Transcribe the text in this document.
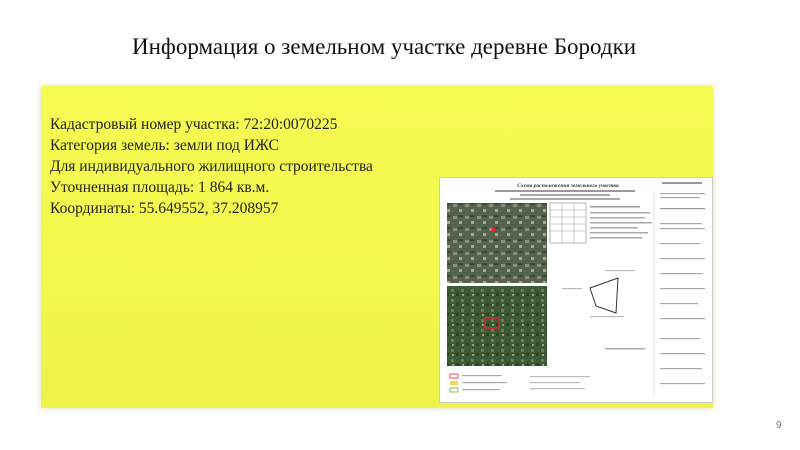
Информация о земельном участке деревне Бородки
Кадастровый номер участка: 72:20:0070225
Категория земель: земли под ИЖС
Для индивидуального жилищного строительства
Уточненная площадь: 1 864 кв.м.
Координаты: 55.649552, 37.208957
Схема расположения земельного участка
9
